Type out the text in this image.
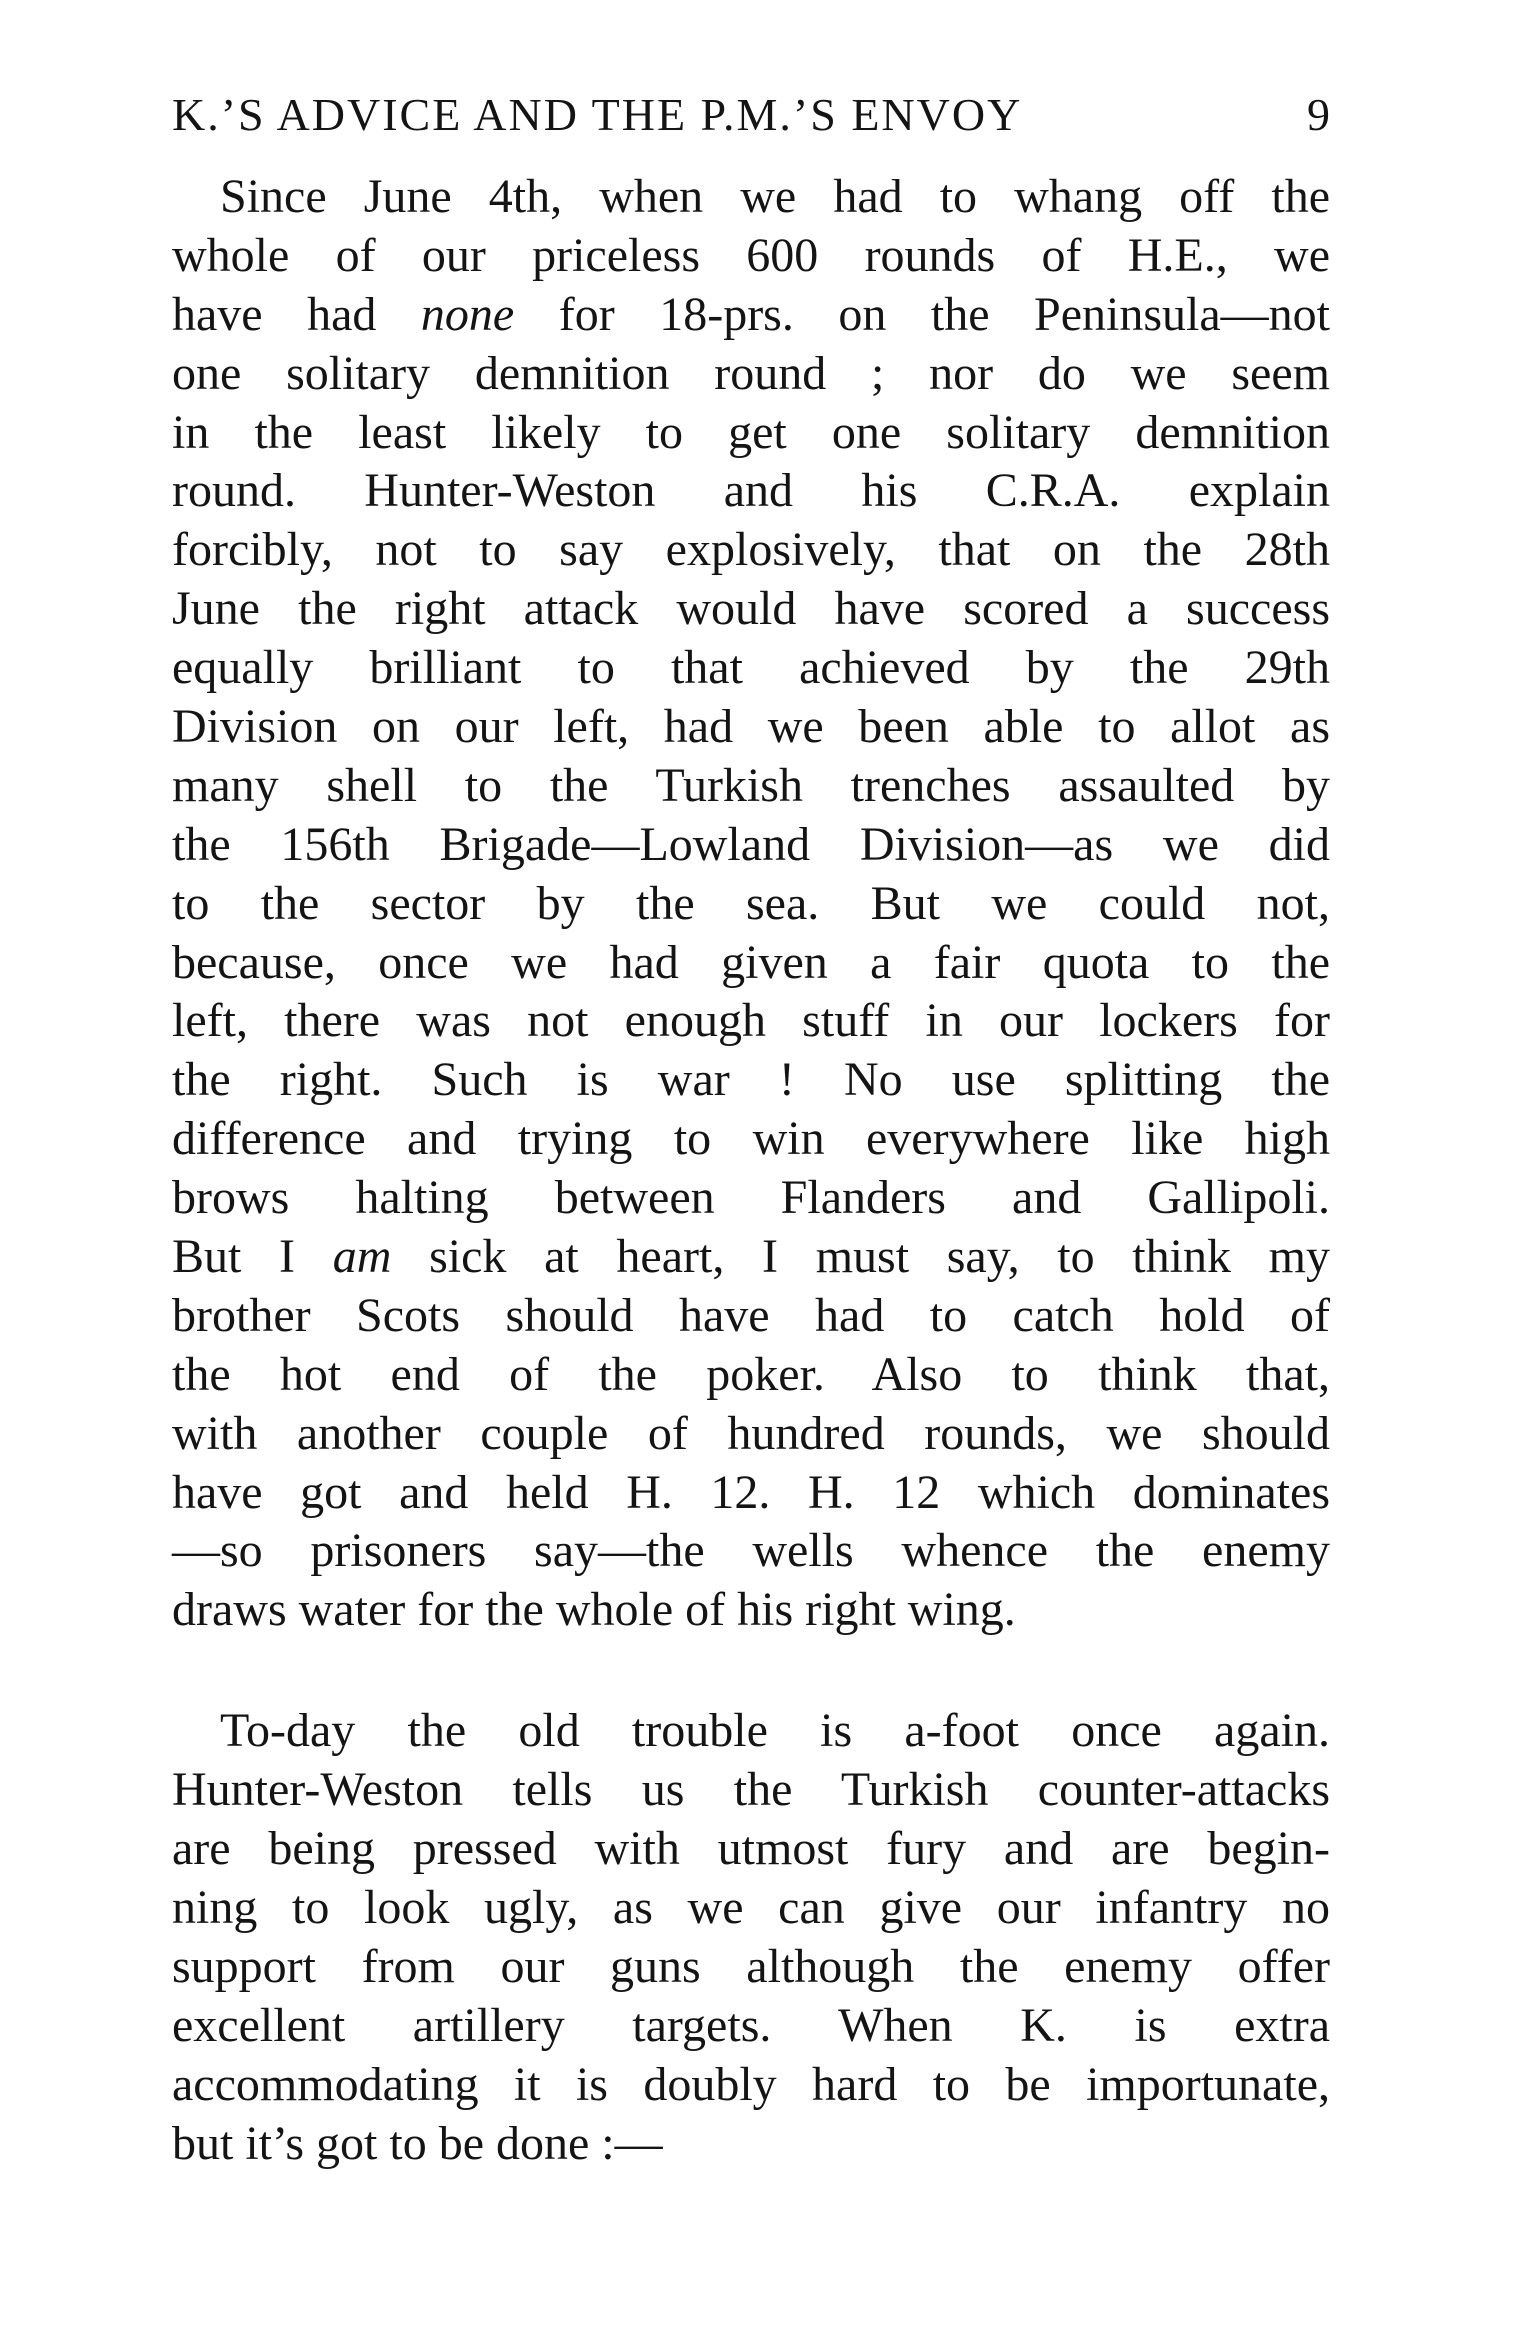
K.’S ADVICE AND THE P.M.’S ENVOY	9
Since June 4th, when we had to whang off the
whole of our priceless 600 rounds of H.E., we
have had none for 18-prs. on the Peninsula—not
one solitary demnition round ; nor do we seem
in the least likely to get one solitary demnition
round. Hunter-Weston and his C.R.A. explain
forcibly, not to say explosively, that on the 28th
June the right attack would have scored a success
equally brilliant to that achieved by the 29th
Division on our left, had we been able to allot as
many shell to the Turkish trenches assaulted by
the 156th Brigade—Lowland Division—as we did
to the sector by the sea. But we could not,
because, once we had given a fair quota to the
left, there was not enough stuff in our lockers for
the right. Such is war ! No use splitting the
difference and trying to win everywhere like high
brows halting between Flanders and Gallipoli.
But I am sick at heart, I must say, to think my
brother Scots should have had to catch hold of
the hot end of the poker. Also to think that,
with another couple of hundred rounds, we should
have got and held H. 12. H. 12 which dominates
—so prisoners say—the wells whence the enemy
draws water for the whole of his right wing.
To-day the old trouble is a-foot once again.
Hunter-Weston tells us the Turkish counter-attacks
are being pressed with utmost fury and are begin-
ning to look ugly, as we can give our infantry no
support from our guns although the enemy offer
excellent artillery targets. When K. is extra
accommodating it is doubly hard to be importunate,
but it’s got to be done :—
